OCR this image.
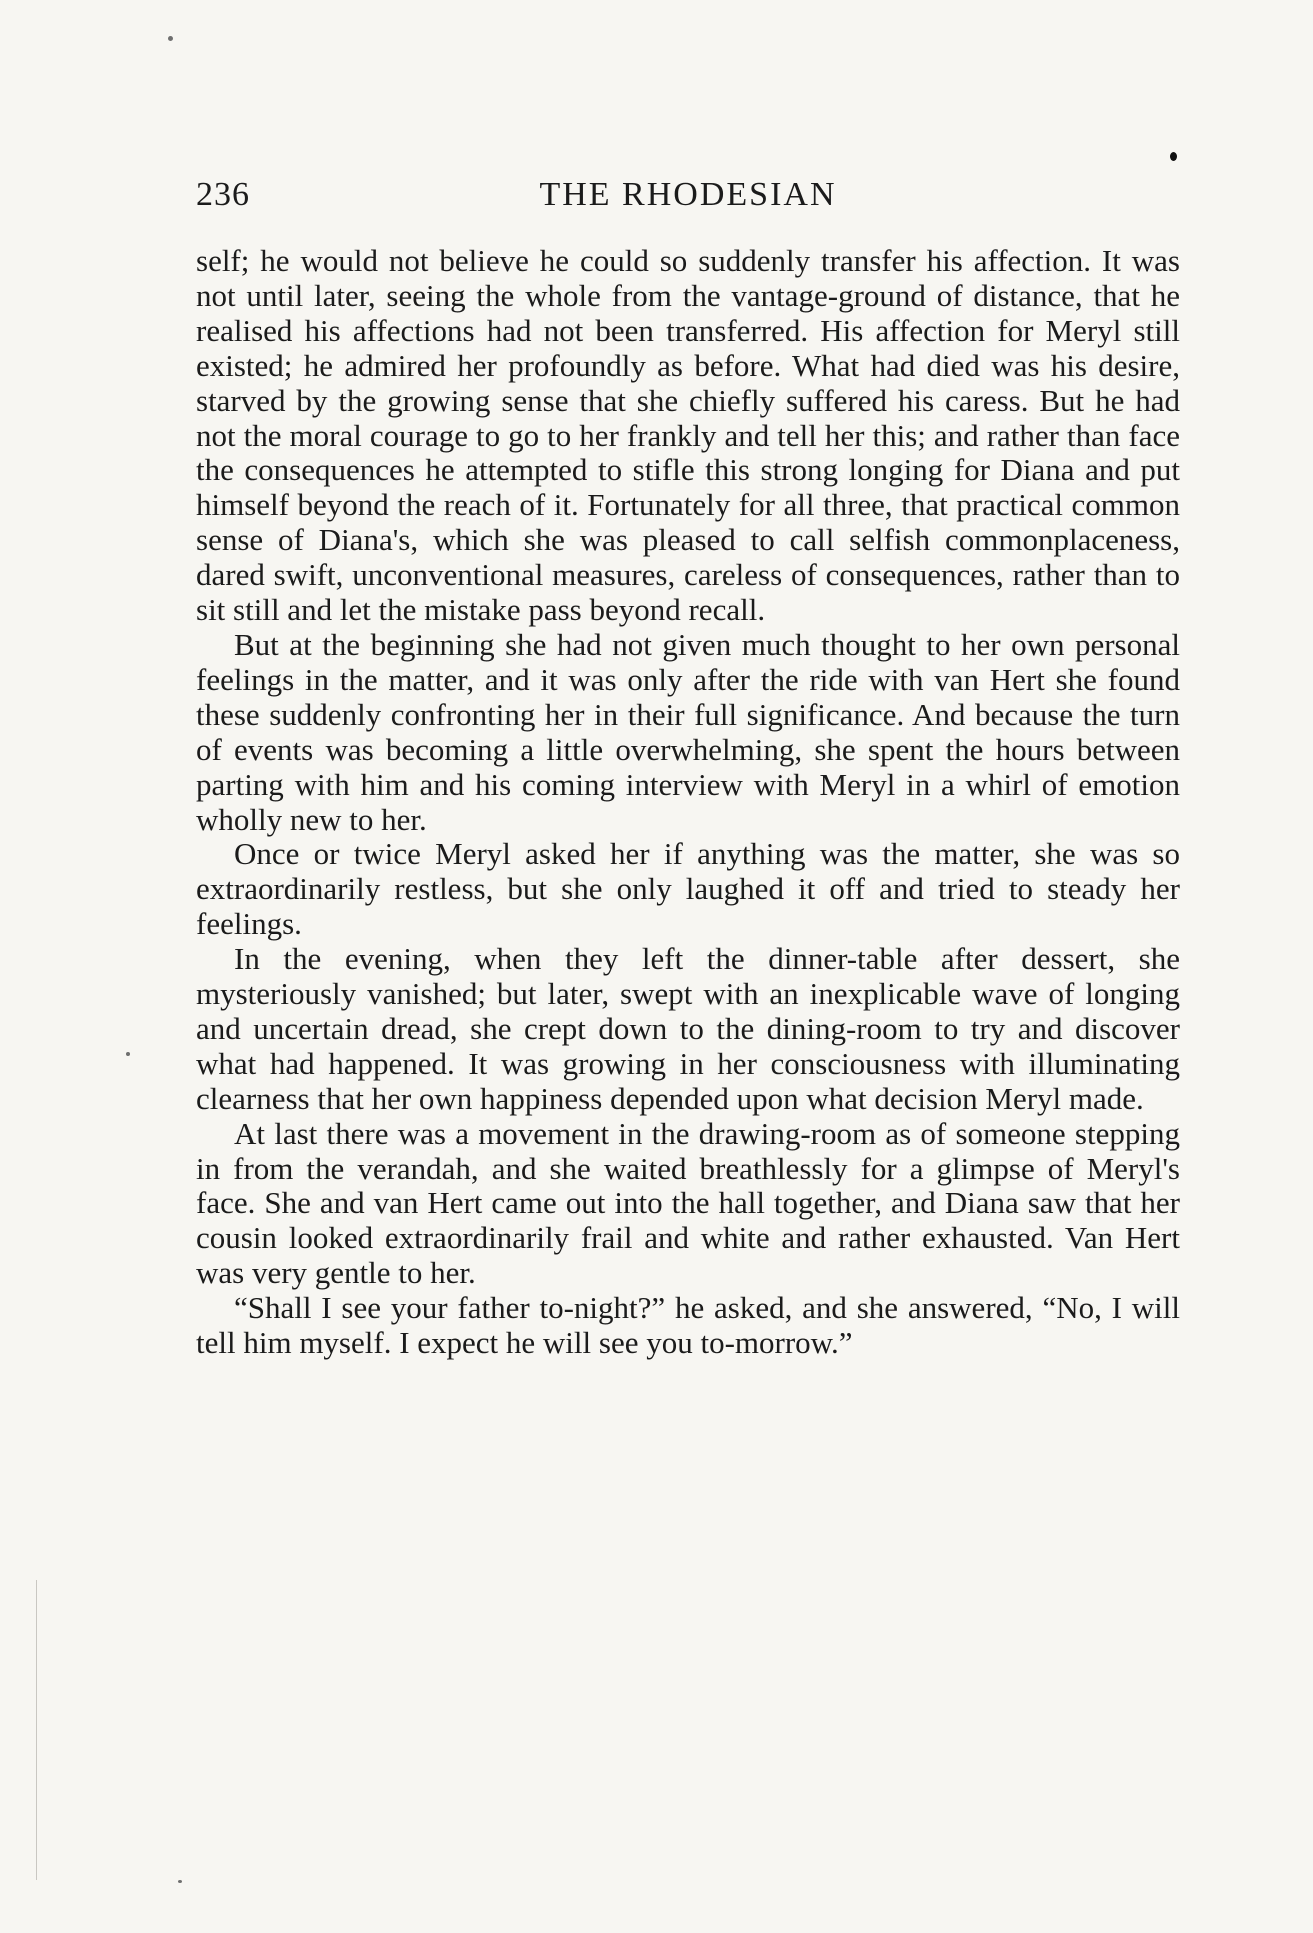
236	THE RHODESIAN

self; he would not believe he could so suddenly transfer his affection. It was not until later, seeing the whole from the vantage-ground of distance, that he realised his affections had not been transferred. His affection for Meryl still existed; he admired her profoundly as before. What had died was his desire, starved by the growing sense that she chiefly suffered his caress. But he had not the moral courage to go to her frankly and tell her this; and rather than face the consequences he attempted to stifle this strong longing for Diana and put himself beyond the reach of it. Fortunately for all three, that practical common sense of Diana's, which she was pleased to call selfish commonplaceness, dared swift, unconventional measures, careless of consequences, rather than to sit still and let the mistake pass beyond recall.

But at the beginning she had not given much thought to her own personal feelings in the matter, and it was only after the ride with van Hert she found these suddenly confronting her in their full significance. And because the turn of events was becoming a little overwhelming, she spent the hours between parting with him and his coming interview with Meryl in a whirl of emotion wholly new to her.

Once or twice Meryl asked her if anything was the matter, she was so extraordinarily restless, but she only laughed it off and tried to steady her feelings.

In the evening, when they left the dinner-table after dessert, she mysteriously vanished; but later, swept with an inexplicable wave of longing and uncertain dread, she crept down to the dining-room to try and discover what had happened. It was growing in her consciousness with illuminating clearness that her own happiness depended upon what decision Meryl made.

At last there was a movement in the drawing-room as of someone stepping in from the verandah, and she waited breathlessly for a glimpse of Meryl's face. She and van Hert came out into the hall together, and Diana saw that her cousin looked extraordinarily frail and white and rather exhausted. Van Hert was very gentle to her.

“Shall I see your father to-night?” he asked, and she answered, “No, I will tell him myself. I expect he will see you to-morrow.”
